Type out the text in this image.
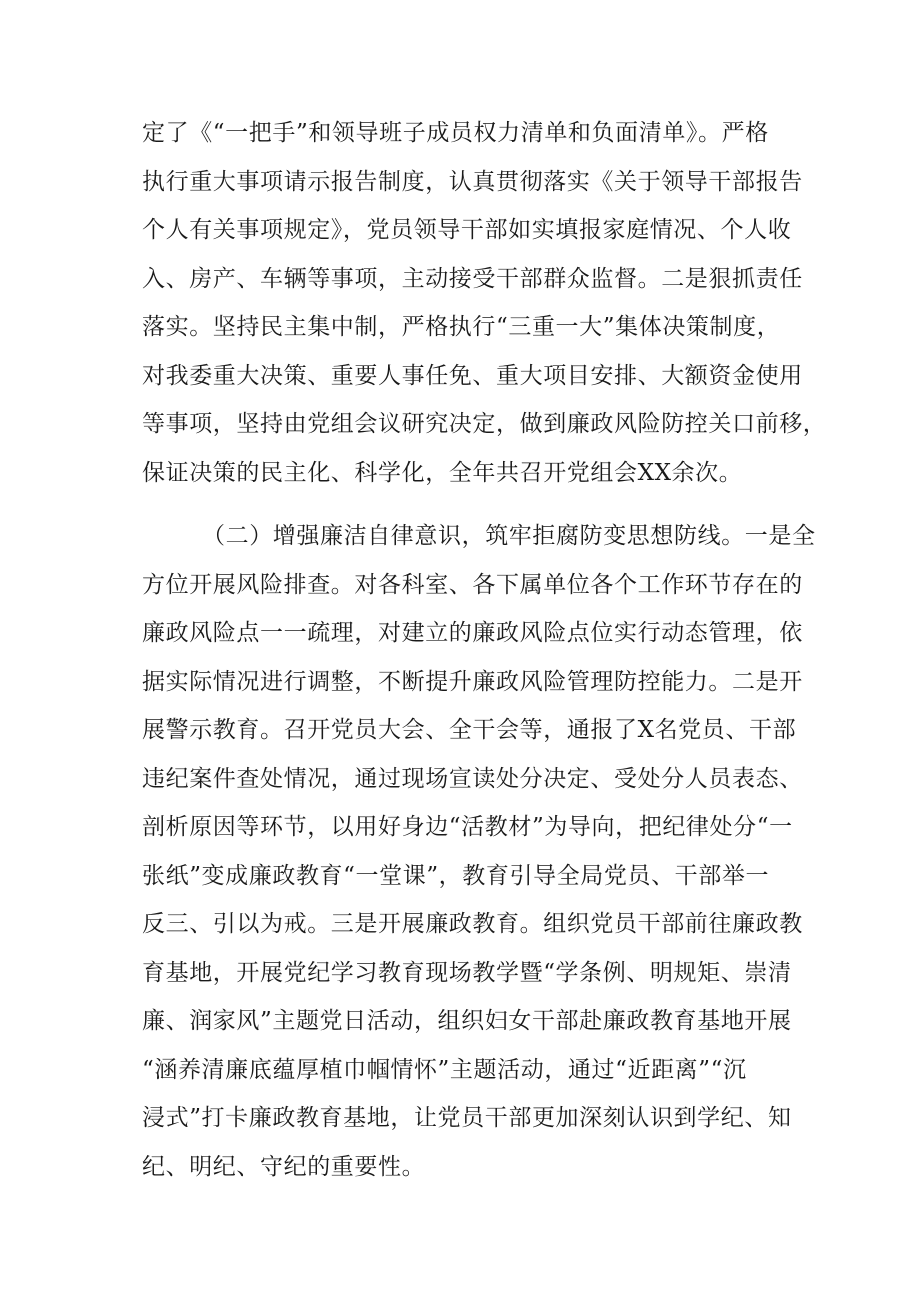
定了《“一把手”和领导班子成员权力清单和负面清单》。严格
执行重大事项请示报告制度，认真贯彻落实《关于领导干部报告
个人有关事项规定》，党员领导干部如实填报家庭情况、个人收
入、房产、车辆等事项，主动接受干部群众监督。二是狠抓责任
落实。坚持民主集中制，严格执行“三重一大”集体决策制度，
对我委重大决策、重要人事任免、重大项目安排、大额资金使用
等事项，坚持由党组会议研究决定，做到廉政风险防控关口前移，
保证决策的民主化、科学化，全年共召开党组会XX余次。
（二）增强廉洁自律意识，筑牢拒腐防变思想防线。一是全
方位开展风险排查。对各科室、各下属单位各个工作环节存在的
廉政风险点一一疏理，对建立的廉政风险点位实行动态管理，依
据实际情况进行调整，不断提升廉政风险管理防控能力。二是开
展警示教育。召开党员大会、全干会等，通报了X名党员、干部
违纪案件查处情况，通过现场宣读处分决定、受处分人员表态、
剖析原因等环节，以用好身边“活教材”为导向，把纪律处分“一
张纸”变成廉政教育“一堂课”，教育引导全局党员、干部举一
反三、引以为戒。三是开展廉政教育。组织党员干部前往廉政教
育基地，开展党纪学习教育现场教学暨“学条例、明规矩、崇清
廉、润家风”主题党日活动，组织妇女干部赴廉政教育基地开展
“涵养清廉底蕴厚植巾帼情怀”主题活动，通过“近距离”“沉
浸式”打卡廉政教育基地，让党员干部更加深刻认识到学纪、知
纪、明纪、守纪的重要性。
